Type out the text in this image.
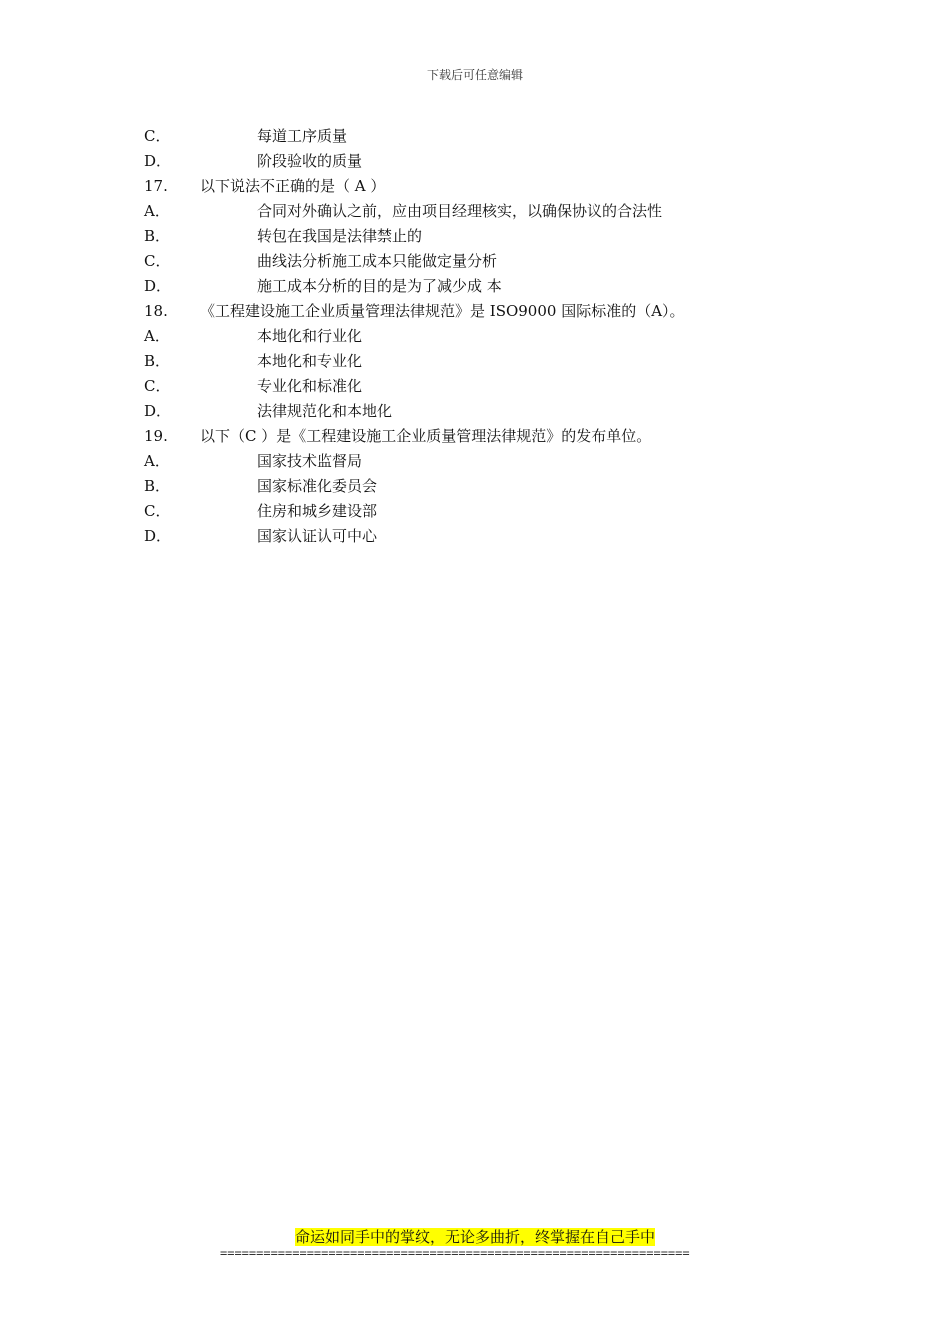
下载后可任意编辑
C．	每道工序质量
D．	阶段验收的质量
17. 以下说法不正确的是（ A ）
A．	合同对外确认之前，应由项目经理核实，以确保协议的合法性
B．	转包在我国是法律禁止的
C．	曲线法分析施工成本只能做定量分析
D．	施工成本分析的目的是为了减少成 本
18. 《工程建设施工企业质量管理法律规范》是 ISO9000 国际标准的（A）。
A．	本地化和行业化
B．	本地化和专业化
C．	专业化和标准化
D．	法律规范化和本地化
19. 以下（C ）是《工程建设施工企业质量管理法律规范》的发布单位。
A．	国家技术监督局
B．	国家标准化委员会
C．	住房和城乡建设部
D．	国家认证认可中心
命运如同手中的掌纹，无论多曲折，终掌握在自己手中
=================================================================
